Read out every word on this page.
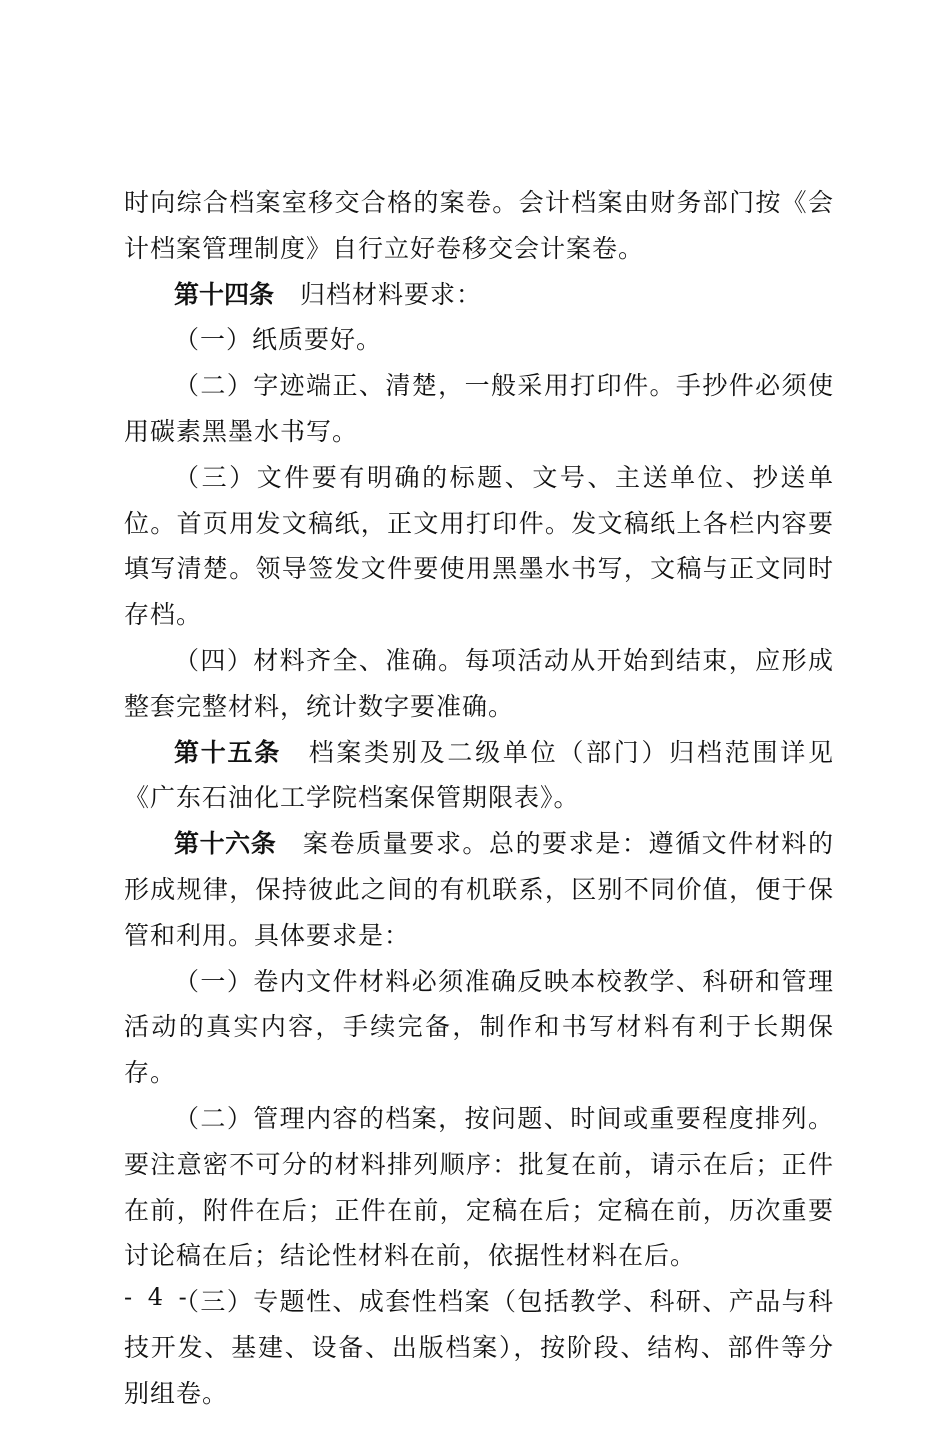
时向综合档案室移交合格的案卷。会计档案由财务部门按《会计档案管理制度》自行立好卷移交会计案卷。

第十四条 归档材料要求：

（一）纸质要好。

（二）字迹端正、清楚，一般采用打印件。手抄件必须使用碳素黑墨水书写。

（三）文件要有明确的标题、文号、主送单位、抄送单位。首页用发文稿纸，正文用打印件。发文稿纸上各栏内容要填写清楚。领导签发文件要使用黑墨水书写，文稿与正文同时存档。

（四）材料齐全、准确。每项活动从开始到结束，应形成整套完整材料，统计数字要准确。

第十五条 档案类别及二级单位（部门）归档范围详见《广东石油化工学院档案保管期限表》。

第十六条 案卷质量要求。总的要求是：遵循文件材料的形成规律，保持彼此之间的有机联系，区别不同价值，便于保管和利用。具体要求是：

（一）卷内文件材料必须准确反映本校教学、科研和管理活动的真实内容，手续完备，制作和书写材料有利于长期保存。

（二）管理内容的档案，按问题、时间或重要程度排列。要注意密不可分的材料排列顺序：批复在前，请示在后；正件在前，附件在后；正件在前，定稿在后；定稿在前，历次重要讨论稿在后；结论性材料在前，依据性材料在后。

（三）专题性、成套性档案（包括教学、科研、产品与科技开发、基建、设备、出版档案），按阶段、结构、部件等分别组卷。

- 4 -
